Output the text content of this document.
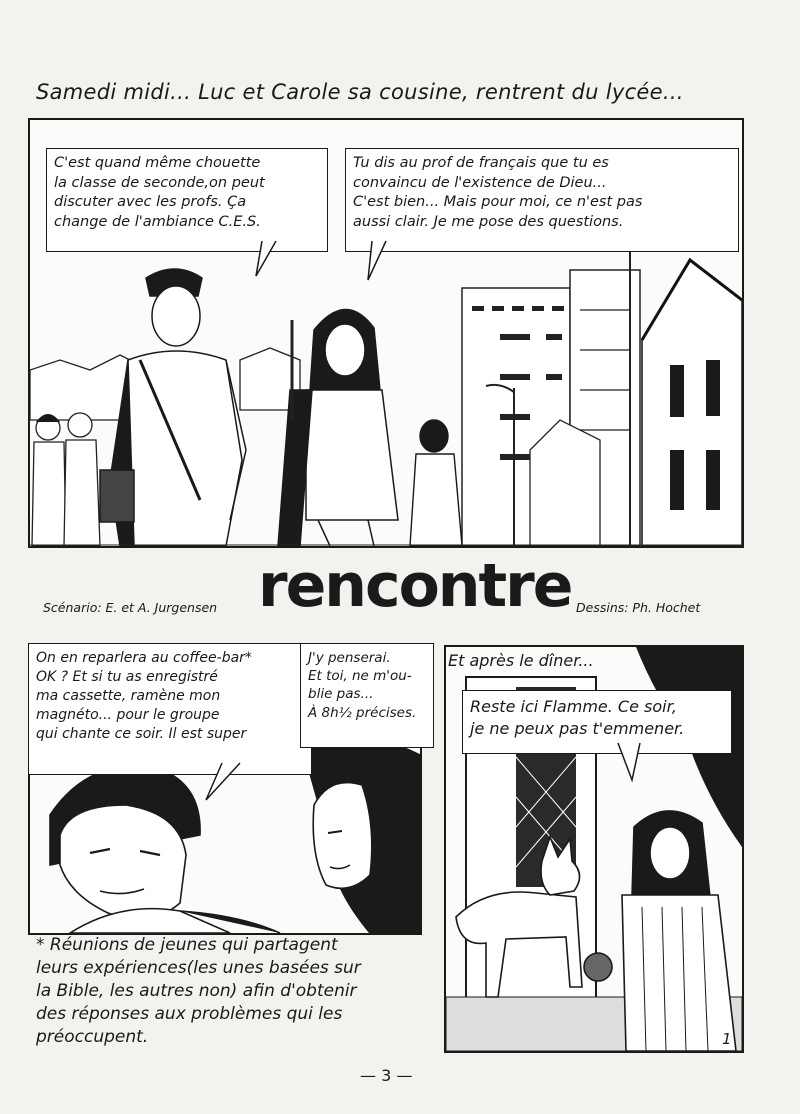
Samedi midi... Luc et Carole sa cousine, rentrent du lycée...
C'est quand même chouette
la classe de seconde,on peut
discuter avec les profs. Ça
change de l'ambiance C.E.S.
Tu dis au prof de français que tu es
convaincu de l'existence de Dieu...
C'est bien... Mais pour moi, ce n'est pas
aussi clair. Je me pose des questions.
Scénario: E. et A. Jurgensen rencontre Dessins: Ph. Hochet
On en reparlera au coffee-bar*
OK ? Et si tu as enregistré
ma cassette, ramène mon
magnéto... pour le groupe
qui chante ce soir. Il est super
J'y penserai.
Et toi, ne m'ou-
blie pas...
À 8h½ précises.
Et après le dîner...
Reste ici Flamme. Ce soir,
je ne peux pas t'emmener.
1
* Réunions de jeunes qui partagent
leurs expériences(les unes basées sur
la Bible, les autres non) afin d'obtenir
des réponses aux problèmes qui les
préoccupent.
— 3 —
